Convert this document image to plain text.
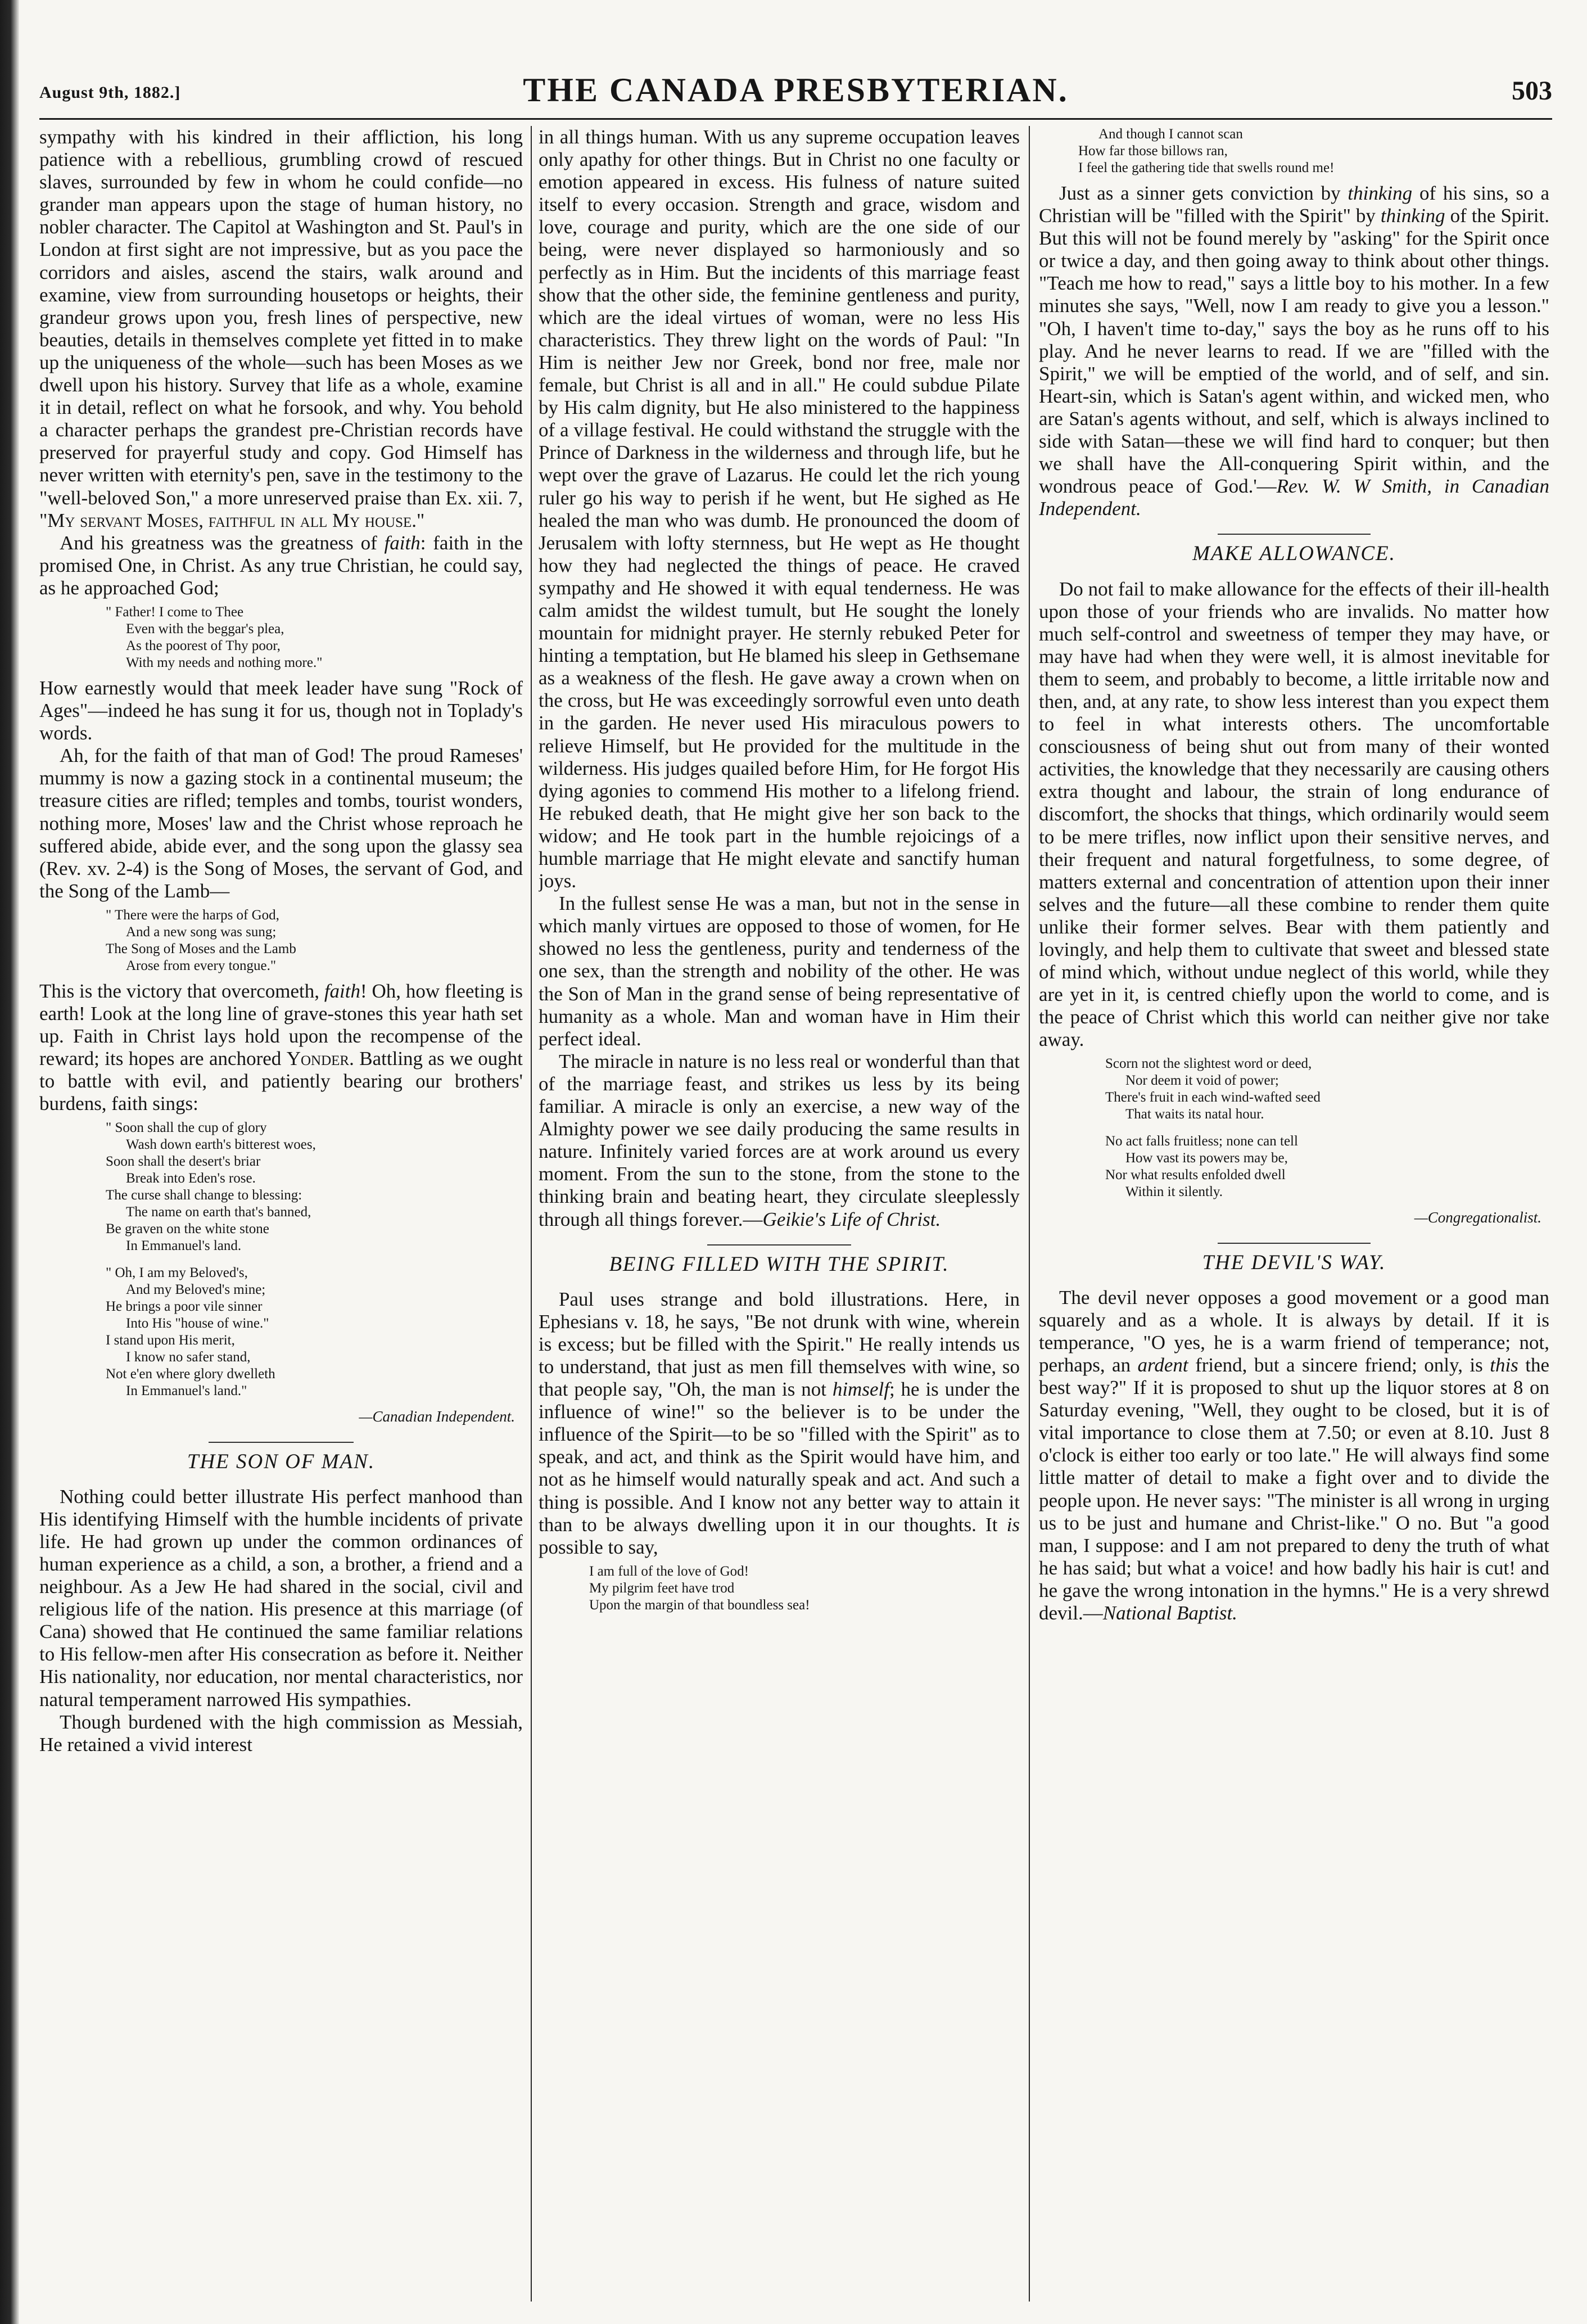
August 9th, 1882.]	THE CANADA PRESBYTERIAN.	503

sympathy with his kindred in their affliction, his long patience with a rebellious, grumbling crowd of rescued slaves, surrounded by few in whom he could confide—no grander man appears upon the stage of human history, no nobler character. The Capitol at Washington and St. Paul's in London at first sight are not impressive, but as you pace the corridors and aisles, ascend the stairs, walk around and examine, view from surrounding housetops or heights, their grandeur grows upon you, fresh lines of perspective, new beauties, details in themselves complete yet fitted in to make up the uniqueness of the whole—such has been Moses as we dwell upon his history. Survey that life as a whole, examine it in detail, reflect on what he forsook, and why. You behold a character perhaps the grandest pre-Christian records have preserved for prayerful study and copy. God Himself has never written with eternity's pen, save in the testimony to the "well-beloved Son," a more unreserved praise than Ex. xii. 7, "My servant Moses, faithful in all My house."

And his greatness was the greatness of faith: faith in the promised One, in Christ. As any true Christian, he could say, as he approached God;

" Father! I come to Thee
Even with the beggar's plea,
As the poorest of Thy poor,
With my needs and nothing more."

How earnestly would that meek leader have sung "Rock of Ages"—indeed he has sung it for us, though not in Toplady's words.

Ah, for the faith of that man of God! The proud Rameses' mummy is now a gazing stock in a continental museum; the treasure cities are rifled; temples and tombs, tourist wonders, nothing more, Moses' law and the Christ whose reproach he suffered abide, abide ever, and the song upon the glassy sea (Rev. xv. 2-4) is the Song of Moses, the servant of God, and the Song of the Lamb—

" There were the harps of God,
And a new song was sung;
The Song of Moses and the Lamb
Arose from every tongue."

This is the victory that overcometh, faith! Oh, how fleeting is earth! Look at the long line of grave-stones this year hath set up. Faith in Christ lays hold upon the recompense of the reward; its hopes are anchored Yonder. Battling as we ought to battle with evil, and patiently bearing our brothers' burdens, faith sings:

" Soon shall the cup of glory
Wash down earth's bitterest woes,
Soon shall the desert's briar
Break into Eden's rose.
The curse shall change to blessing:
The name on earth that's banned,
Be graven on the white stone
In Emmanuel's land.
" Oh, I am my Beloved's,
And my Beloved's mine;
He brings a poor vile sinner
Into His "house of wine."
I stand upon His merit,
I know no safer stand,
Not e'en where glory dwelleth
In Emmanuel's land."
—Canadian Independent.
THE SON OF MAN.

Nothing could better illustrate His perfect manhood than His identifying Himself with the humble incidents of private life. He had grown up under the common ordinances of human experience as a child, a son, a brother, a friend and a neighbour. As a Jew He had shared in the social, civil and religious life of the nation. His presence at this marriage (of Cana) showed that He continued the same familiar relations to His fellow-men after His consecration as before it. Neither His nationality, nor education, nor mental characteristics, nor natural temperament narrowed His sympathies.

Though burdened with the high commission as Messiah, He retained a vivid interest

in all things human. With us any supreme occupation leaves only apathy for other things. But in Christ no one faculty or emotion appeared in excess. His fulness of nature suited itself to every occasion. Strength and grace, wisdom and love, courage and purity, which are the one side of our being, were never displayed so harmoniously and so perfectly as in Him. But the incidents of this marriage feast show that the other side, the feminine gentleness and purity, which are the ideal virtues of woman, were no less His characteristics. They threw light on the words of Paul: "In Him is neither Jew nor Greek, bond nor free, male nor female, but Christ is all and in all." He could subdue Pilate by His calm dignity, but He also ministered to the happiness of a village festival. He could withstand the struggle with the Prince of Darkness in the wilderness and through life, but he wept over the grave of Lazarus. He could let the rich young ruler go his way to perish if he went, but He sighed as He healed the man who was dumb. He pronounced the doom of Jerusalem with lofty sternness, but He wept as He thought how they had neglected the things of peace. He craved sympathy and He showed it with equal tenderness. He was calm amidst the wildest tumult, but He sought the lonely mountain for midnight prayer. He sternly rebuked Peter for hinting a temptation, but He blamed his sleep in Gethsemane as a weakness of the flesh. He gave away a crown when on the cross, but He was exceedingly sorrowful even unto death in the garden. He never used His miraculous powers to relieve Himself, but He provided for the multitude in the wilderness. His judges quailed before Him, for He forgot His dying agonies to commend His mother to a lifelong friend. He rebuked death, that He might give her son back to the widow; and He took part in the humble rejoicings of a humble marriage that He might elevate and sanctify human joys.

In the fullest sense He was a man, but not in the sense in which manly virtues are opposed to those of women, for He showed no less the gentleness, purity and tenderness of the one sex, than the strength and nobility of the other. He was the Son of Man in the grand sense of being representative of humanity as a whole. Man and woman have in Him their perfect ideal.

The miracle in nature is no less real or wonderful than that of the marriage feast, and strikes us less by its being familiar. A miracle is only an exercise, a new way of the Almighty power we see daily producing the same results in nature. Infinitely varied forces are at work around us every moment. From the sun to the stone, from the stone to the thinking brain and beating heart, they circulate sleeplessly through all things forever.—Geikie's Life of Christ.

BEING FILLED WITH THE SPIRIT.

Paul uses strange and bold illustrations. Here, in Ephesians v. 18, he says, "Be not drunk with wine, wherein is excess; but be filled with the Spirit." He really intends us to understand, that just as men fill themselves with wine, so that people say, "Oh, the man is not himself; he is under the influence of wine!" so the believer is to be under the influence of the Spirit—to be so "filled with the Spirit" as to speak, and act, and think as the Spirit would have him, and not as he himself would naturally speak and act. And such a thing is possible. And I know not any better way to attain it than to be always dwelling upon it in our thoughts. It is possible to say,

I am full of the love of God!
My pilgrim feet have trod
Upon the margin of that boundless sea!
And though I cannot scan
How far those billows ran,
I feel the gathering tide that swells round me!

Just as a sinner gets conviction by thinking of his sins, so a Christian will be "filled with the Spirit" by thinking of the Spirit. But this will not be found merely by "asking" for the Spirit once or twice a day, and then going away to think about other things. "Teach me how to read," says a little boy to his mother. In a few minutes she says, "Well, now I am ready to give you a lesson." "Oh, I haven't time to-day," says the boy as he runs off to his play. And he never learns to read. If we are "filled with the Spirit," we will be emptied of the world, and of self, and sin. Heart-sin, which is Satan's agent within, and wicked men, who are Satan's agents without, and self, which is always inclined to side with Satan—these we will find hard to conquer; but then we shall have the All-conquering Spirit within, and the wondrous peace of God.'—Rev. W. W Smith, in Canadian Independent.

MAKE ALLOWANCE.

Do not fail to make allowance for the effects of their ill-health upon those of your friends who are invalids. No matter how much self-control and sweetness of temper they may have, or may have had when they were well, it is almost inevitable for them to seem, and probably to become, a little irritable now and then, and, at any rate, to show less interest than you expect them to feel in what interests others. The uncomfortable consciousness of being shut out from many of their wonted activities, the knowledge that they necessarily are causing others extra thought and labour, the strain of long endurance of discomfort, the shocks that things, which ordinarily would seem to be mere trifles, now inflict upon their sensitive nerves, and their frequent and natural forgetfulness, to some degree, of matters external and concentration of attention upon their inner selves and the future—all these combine to render them quite unlike their former selves. Bear with them patiently and lovingly, and help them to cultivate that sweet and blessed state of mind which, without undue neglect of this world, while they are yet in it, is centred chiefly upon the world to come, and is the peace of Christ which this world can neither give nor take away.

Scorn not the slightest word or deed,
Nor deem it void of power;
There's fruit in each wind-wafted seed
That waits its natal hour.
No act falls fruitless; none can tell
How vast its powers may be,
Nor what results enfolded dwell
Within it silently.
—Congregationalist.
THE DEVIL'S WAY.

The devil never opposes a good movement or a good man squarely and as a whole. It is always by detail. If it is temperance, "O yes, he is a warm friend of temperance; not, perhaps, an ardent friend, but a sincere friend; only, is this the best way?" If it is proposed to shut up the liquor stores at 8 on Saturday evening, "Well, they ought to be closed, but it is of vital importance to close them at 7.50; or even at 8.10. Just 8 o'clock is either too early or too late." He will always find some little matter of detail to make a fight over and to divide the people upon. He never says: "The minister is all wrong in urging us to be just and humane and Christ-like." O no. But "a good man, I suppose: and I am not prepared to deny the truth of what he has said; but what a voice! and how badly his hair is cut! and he gave the wrong intonation in the hymns." He is a very shrewd devil.—National Baptist.
